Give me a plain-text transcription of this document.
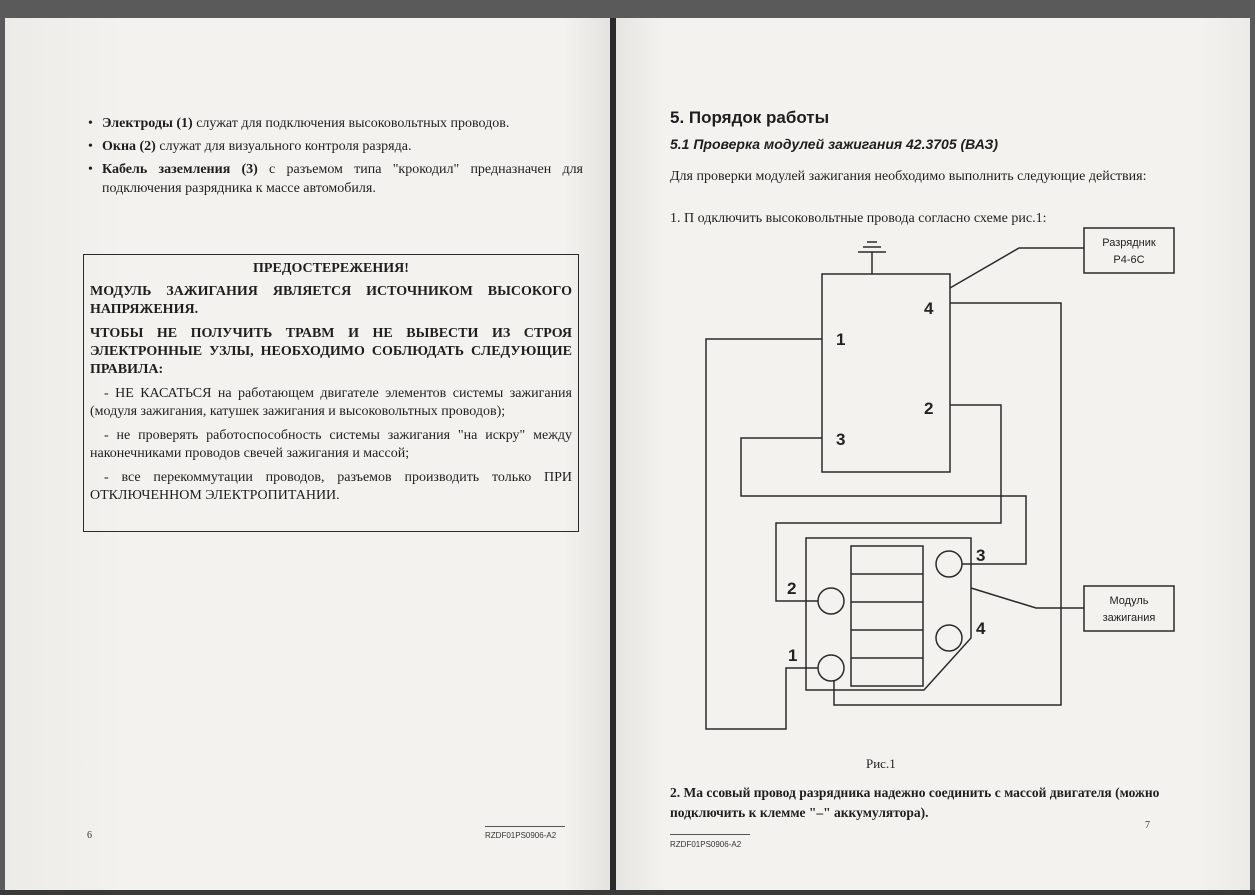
• Электроды (1) служат для подключения высоковольтных проводов.
• Окна (2) служат для визуального контроля разряда.
• Кабель заземления (3) с разъемом типа "крокодил" предназначен для подключения разрядника к массе автомобиля.
ПРЕДОСТЕРЕЖЕНИЯ!
МОДУЛЬ ЗАЖИГАНИЯ ЯВЛЯЕТСЯ ИСТОЧНИКОМ ВЫСОКОГО НАПРЯЖЕНИЯ.
ЧТОБЫ НЕ ПОЛУЧИТЬ ТРАВМ И НЕ ВЫВЕСТИ ИЗ СТРОЯ ЭЛЕКТРОННЫЕ УЗЛЫ, НЕОБХОДИМО СОБЛЮДАТЬ СЛЕДУЮЩИЕ ПРАВИЛА:
- НЕ КАСАТЬСЯ на работающем двигателе элементов системы зажигания (модуля зажигания, катушек зажигания и высоковольтных проводов);
- не проверять работоспособность системы зажигания "на искру" между наконечниками проводов свечей зажигания и массой;
- все перекоммутации проводов, разъемов производить только ПРИ ОТКЛЮЧЕННОМ ЭЛЕКТРОПИТАНИИ.
6	RZDF01PS0906-A2
5. Порядок работы
5.1 Проверка модулей зажигания 42.3705 (ВАЗ)
Для проверки модулей зажигания необходимо выполнить следующие действия:
1. П одключить высоковольтные провода согласно схеме рис.1:
1
4
2
3
2
3
4
1
Разрядник
Р4-6С
Модуль
зажигания
Рис.1
2. Ма ссовый провод разрядника надежно соединить с массой двигателя (можно подключить к клемме "–" аккумулятора).
RZDF01PS0906-A2
7
